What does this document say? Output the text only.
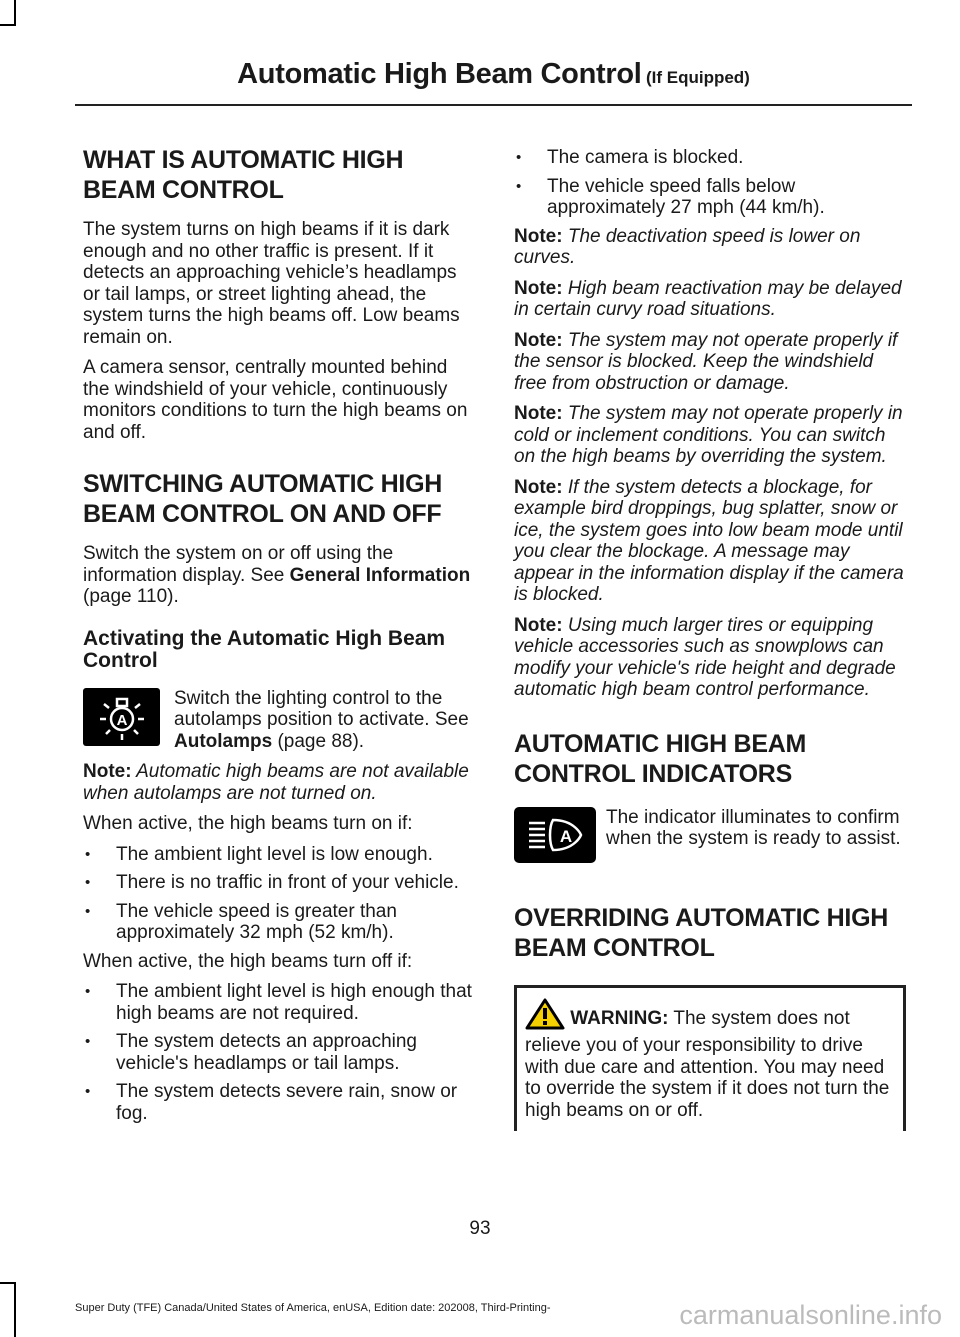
Automatic High Beam Control (If Equipped)
WHAT IS AUTOMATIC HIGH BEAM CONTROL

The system turns on high beams if it is dark enough and no other traffic is present. If it detects an approaching vehicle’s headlamps or tail lamps, or street lighting ahead, the system turns the high beams off. Low beams remain on.

A camera sensor, centrally mounted behind the windshield of your vehicle, continuously monitors conditions to turn the high beams on and off.

SWITCHING AUTOMATIC HIGH BEAM CONTROL ON AND OFF

Switch the system on or off using the information display. See General Information (page 110).

Activating the Automatic High Beam Control
A

Switch the lighting control to the autolamps position to activate. See Autolamps (page 88).

Note: Automatic high beams are not available when autolamps are not turned on.

When active, the high beams turn on if:

• The ambient light level is low enough.
• There is no traffic in front of your vehicle.
• The vehicle speed is greater than approximately 32 mph (52 km/h).

When active, the high beams turn off if:

• The ambient light level is high enough that high beams are not required.
• The system detects an approaching vehicle's headlamps or tail lamps.
• The system detects severe rain, snow or fog.
• The camera is blocked.
• The vehicle speed falls below approximately 27 mph (44 km/h).

Note: The deactivation speed is lower on curves.

Note: High beam reactivation may be delayed in certain curvy road situations.

Note: The system may not operate properly if the sensor is blocked. Keep the windshield free from obstruction or damage.

Note: The system may not operate properly in cold or inclement conditions. You can switch on the high beams by overriding the system.

Note: If the system detects a blockage, for example bird droppings, bug splatter, snow or ice, the system goes into low beam mode until you clear the blockage. A message may appear in the information display if the camera is blocked.

Note: Using much larger tires or equipping vehicle accessories such as snowplows can modify your vehicle's ride height and degrade automatic high beam control performance.

AUTOMATIC HIGH BEAM CONTROL INDICATORS
A

The indicator illuminates to confirm when the system is ready to assist.

OVERRIDING AUTOMATIC HIGH BEAM CONTROL
WARNING: The system does not relieve you of your responsibility to drive with due care and attention. You may need to override the system if it does not turn the high beams on or off.
93
Super Duty (TFE) Canada/United States of America, enUSA, Edition date: 202008, Third-Printing-	carmanualsonline.info
